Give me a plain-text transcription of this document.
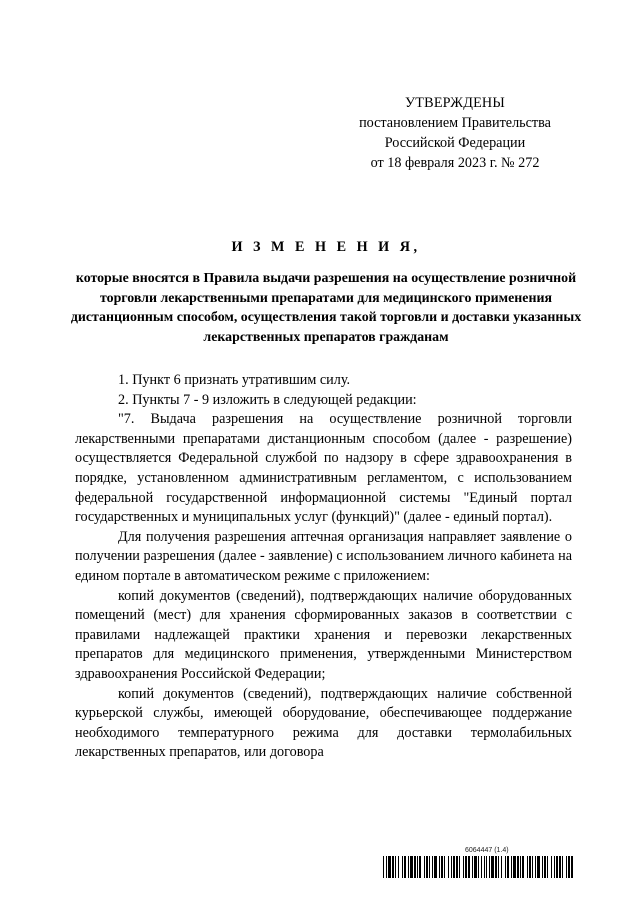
УТВЕРЖДЕНЫ
постановлением Правительства
Российской Федерации
от 18 февраля 2023 г. № 272
И З М Е Н Е Н И Я,
которые вносятся в Правила выдачи разрешения на осуществление розничной торговли лекарственными препаратами для медицинского применения дистанционным способом, осуществления такой торговли и доставки указанных лекарственных препаратов гражданам

1. Пункт 6 признать утратившим силу.

2. Пункты 7 - 9 изложить в следующей редакции:

"7. Выдача разрешения на осуществление розничной торговли лекарственными препаратами дистанционным способом (далее - разрешение) осуществляется Федеральной службой по надзору в сфере здравоохранения в порядке, установленном административным регламентом, с использованием федеральной государственной информационной системы "Единый портал государственных и муниципальных услуг (функций)" (далее - единый портал).

Для получения разрешения аптечная организация направляет заявление о получении разрешения (далее - заявление) с использованием личного кабинета на едином портале в автоматическом режиме с приложением:

копий документов (сведений), подтверждающих наличие оборудованных помещений (мест) для хранения сформированных заказов в соответствии с правилами надлежащей практики хранения и перевозки лекарственных препаратов для медицинского применения, утвержденными Министерством здравоохранения Российской Федерации;

копий документов (сведений), подтверждающих наличие собственной курьерской службы, имеющей оборудование, обеспечивающее поддержание необходимого температурного режима для доставки термолабильных лекарственных препаратов, или договора

6064447 (1.4)
